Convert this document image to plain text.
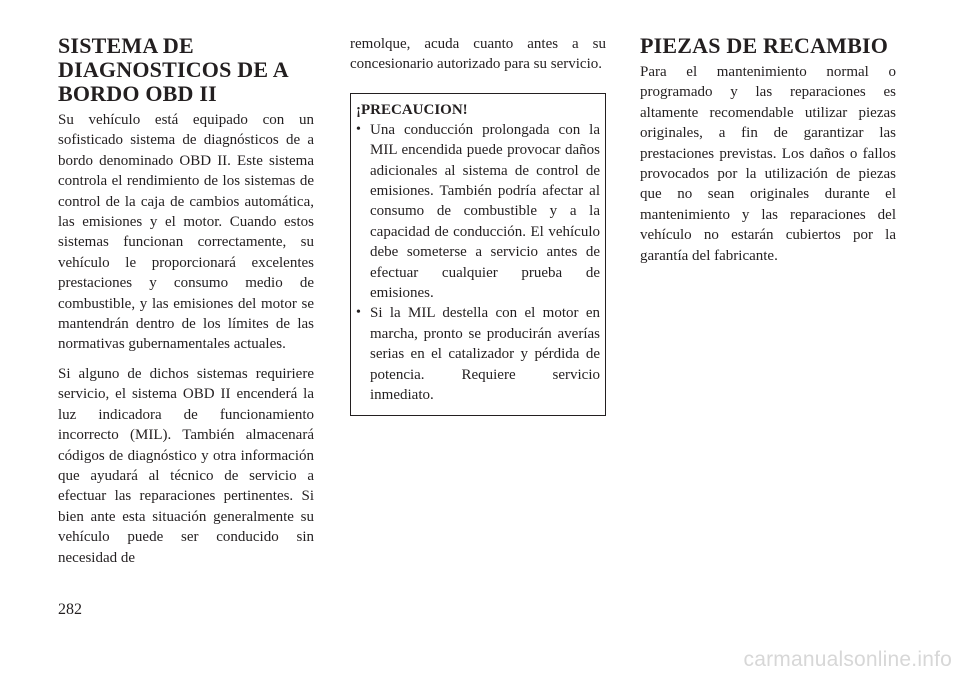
SISTEMA DE
DIAGNOSTICOS DE A
BORDO OBD II

Su vehículo está equipado con un sofisticado sistema de diagnósticos de a bordo denominado OBD II. Este sistema controla el rendimiento de los sistemas de control de la caja de cambios automática, las emisiones y el motor. Cuando estos sistemas funcionan correctamente, su vehículo le proporcionará excelentes prestaciones y consumo medio de combustible, y las emisiones del motor se mantendrán dentro de los límites de las normativas gubernamentales actuales.

Si alguno de dichos sistemas requiriere servicio, el sistema OBD II encenderá la luz indicadora de funcionamiento incorrecto (MIL). También almacenará códigos de diagnóstico y otra información que ayudará al técnico de servicio a efectuar las reparaciones pertinentes. Si bien ante esta situación generalmente su vehículo puede ser conducido sin necesidad de

remolque, acuda cuanto antes a su concesionario autorizado para su servicio.

¡PRECAUCION!
• Una conducción prolongada con la MIL encendida puede provocar daños adicionales al sistema de control de emisiones. También podría afectar al consumo de combustible y a la capacidad de conducción. El vehículo debe someterse a servicio antes de efectuar cualquier prueba de emisiones.
• Si la MIL destella con el motor en marcha, pronto se producirán averías serias en el catalizador y pérdida de potencia. Requiere servicio inmediato.
PIEZAS DE RECAMBIO

Para el mantenimiento normal o programado y las reparaciones es altamente recomendable utilizar piezas originales, a fin de garantizar las prestaciones previstas. Los daños o fallos provocados por la utilización de piezas que no sean originales durante el mantenimiento y las reparaciones del vehículo no estarán cubiertos por la garantía del fabricante.

282
carmanualsonline.info
